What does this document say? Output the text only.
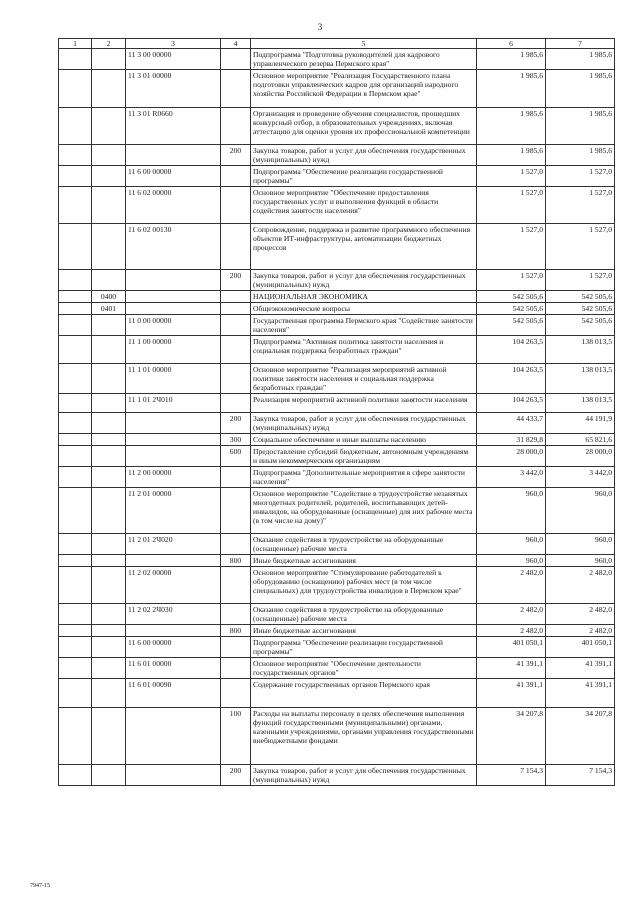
3
1	2	3	4	5	6	7
		11 3 00 00000		Подпрограмма "Подготовка руководителей для кадрового управленческого резерва Пермского края"	1 985,6	1 985,6
		11 3 01 00000		Основное мероприятие "Реализация Государственного плана подготовки управленческих кадров для организаций народного хозяйства Российской Федерации в Пермском крае"	1 985,6	1 985,6
		11 3 01 R0660		Организация и проведение обучения специалистов, прошедших конкурсный отбор, в образовательных учреждениях, включая аттестацию для оценки уровня их профессиональной компетенции	1 985,6	1 985,6
			200	Закупка товаров, работ и услуг для обеспечения государственных (муниципальных) нужд	1 985,6	1 985,6
		11 6 00 00000		Подпрограмма "Обеспечение реализации государственной программы"	1 527,0	1 527,0
		11 6 02 00000		Основное мероприятие "Обеспечение предоставления государственных услуг и выполнения функций в области содействия занятости населения"	1 527,0	1 527,0
		11 6 02 00130		Сопровождение, поддержка и развитие программного обеспечения объектов ИТ-инфраструктуры, автоматизации бюджетных процессов	1 527,0	1 527,0
			200	Закупка товаров, работ и услуг для обеспечения государственных (муниципальных) нужд	1 527,0	1 527,0
	0400			НАЦИОНАЛЬНАЯ ЭКОНОМИКА	542 505,6	542 505,6
	0401			Общеэкономические вопросы	542 505,6	542 505,6
		11 0 00 00000		Государственная программа Пермского края "Содействие занятости населения"	542 505,6	542 505,6
		11 1 00 00000		Подпрограмма "Активная политика занятости населения и социальная поддержка безработных граждан"	104 263,5	138 013,5
		11 1 01 00000		Основное мероприятие "Реализация мероприятий активной политики занятости населения и социальная поддержка безработных граждан"	104 263,5	138 013,5
		11 1 01 2Ч010		Реализация мероприятий активной политики занятости населения	104 263,5	138 013,5
			200	Закупка товаров, работ и услуг для обеспечения государственных (муниципальных) нужд	44 433,7	44 191,9
			300	Социальное обеспечение и иные выплаты населению	31 829,8	65 821,6
			600	Предоставление субсидий бюджетным, автономным учреждениям и иным некоммерческим организациям	28 000,0	28 000,0
		11 2 00 00000		Подпрограмма "Дополнительные мероприятия в сфере занятости населения"	3 442,0	3 442,0
		11 2 01 00000		Основное мероприятие "Содействие в трудоустройстве незанятых многодетных родителей, родителей, воспитывающих детей-инвалидов, на оборудованные (оснащенные) для них рабочие места (в том числе на дому)"	960,0	960,0
		11 2 01 2Ч020		Оказание содействия в трудоустройстве на оборудованные (оснащенные) рабочие места	960,0	960,0
			800	Иные бюджетные ассигнования	960,0	960,0
		11 2 02 00000		Основное мероприятие "Стимулирование работодателей к оборудованию (оснащению) рабочих мест (в том числе специальных) для трудоустройства инвалидов в Пермском крае"	2 482,0	2 482,0
		11 2 02 2Ч030		Оказание содействия в трудоустройстве на оборудованные (оснащенные) рабочие места	2 482,0	2 482,0
			800	Иные бюджетные ассигнования	2 482,0	2 482,0
		11 6 00 00000		Подпрограмма "Обеспечение реализации государственной программы"	401 050,1	401 050,1
		11 6 01 00000		Основное мероприятие "Обеспечение деятельности государственных органов"	41 391,1	41 391,1
		11 6 01 00090		Содержание государственных органов Пермского края	41 391,1	41 391,1
			100	Расходы на выплаты персоналу в целях обеспечения выполнения функций государственными (муниципальными) органами, казенными учреждениями, органами управления государственными внебюджетными фондами	34 207,8	34 207,8
			200	Закупка товаров, работ и услуг для обеспечения государственных (муниципальных) нужд	7 154,3	7 154,3
7947-15
